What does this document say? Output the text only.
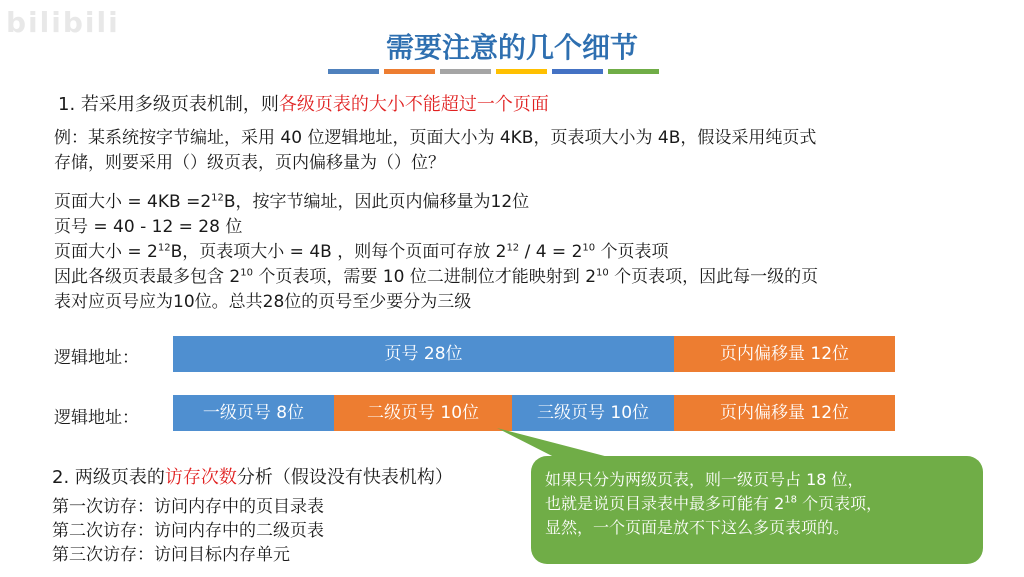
bilibili
需要注意的几个细节
1. 若采用多级页表机制，则各级页表的大小不能超过一个页面
例：某系统按字节编址，采用 40 位逻辑地址，页面大小为 4KB，页表项大小为 4B，假设采用纯页式
存储，则要采用（）级页表，页内偏移量为（）位？
页面大小 = $4KB =2^{12}B$，按字节编址，因此页内偏移量为12位
页号 = 40 - 12 = 28 位
页面大小 = $2^{12}B$，页表项大小 = 4B ，则每个页面可存放 $2^{12} / 4 = 2^{10}$ 个页表项
因此各级页表最多包含 $2^{10}$ 个页表项，需要 10 位二进制位才能映射到 $2^{10}$ 个页表项，因此每一级的页
表对应页号应为10位。总共28位的页号至少要分为三级
逻辑地址：	页号 28位	页内偏移量 12位
逻辑地址：	一级页号 8位	二级页号 10位	三级页号 10位	页内偏移量 12位
2. 两级页表的访存次数分析（假设没有快表机构）
第一次访存：访问内存中的页目录表
第二次访存：访问内存中的二级页表
第三次访存：访问目标内存单元
如果只分为两级页表，则一级页号占 18 位，
也就是说页目录表中最多可能有 $2^{18}$ 个页表项，
显然，一个页面是放不下这么多页表项的。
